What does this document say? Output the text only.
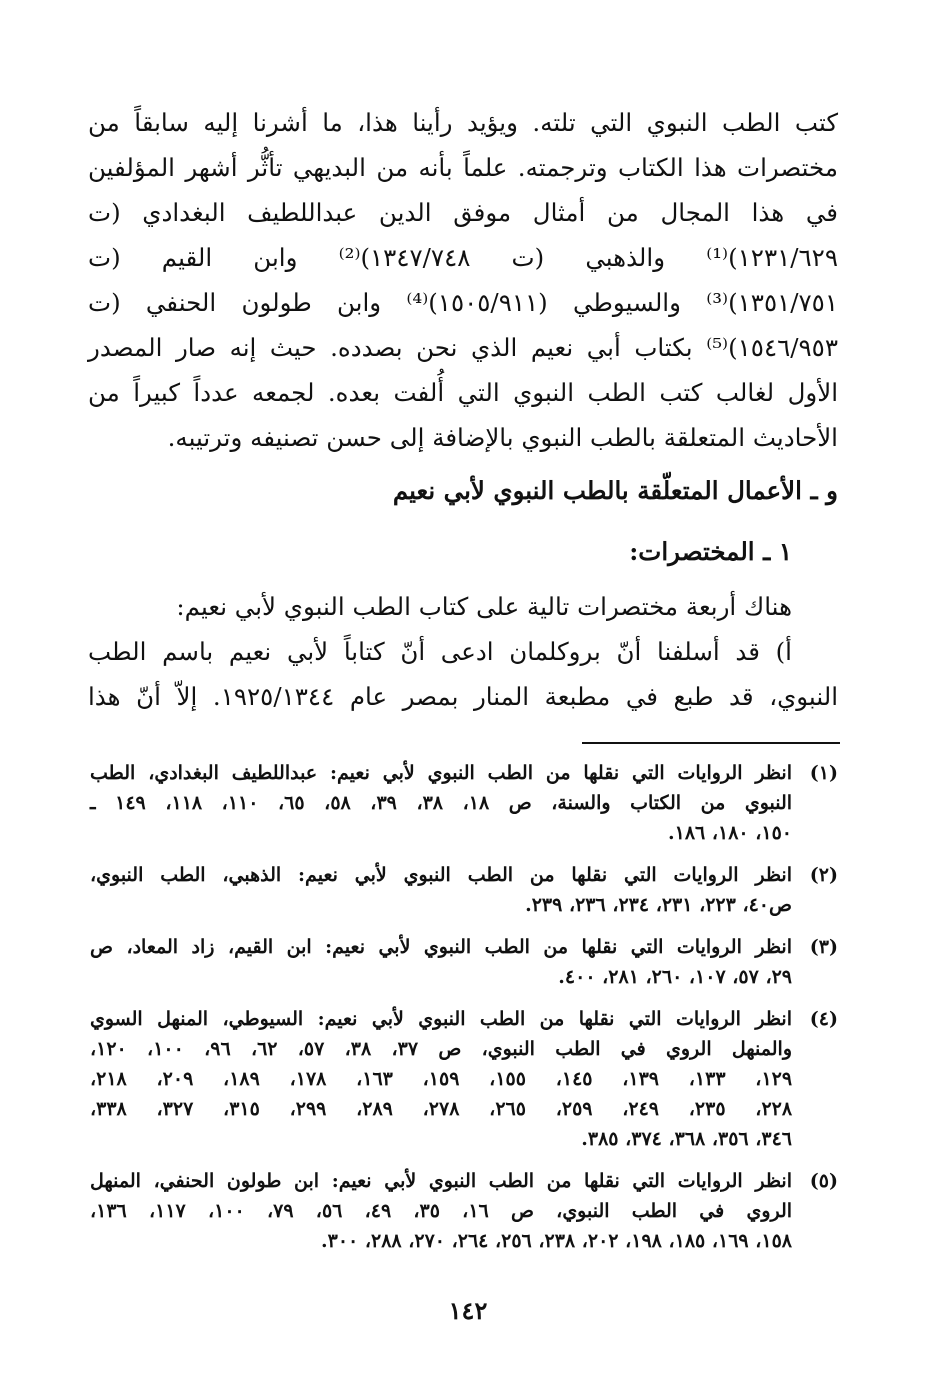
كتب الطب النبوي التي تلته. ويؤيد رأينا هذا، ما أشرنا إليه سابقاً من
مختصرات هذا الكتاب وترجمته. علماً بأنه من البديهي تأثُّر أشهر المؤلفين
في هذا المجال من أمثال موفق الدين عبداللطيف البغدادي (ت
١٢٣١/٦٢٩)⁽¹⁾ والذهبي (ت ١٣٤٧/٧٤٨)⁽²⁾ وابن القيم (ت
١٣٥١/٧٥١)⁽³⁾ والسيوطي (١٥٠٥/٩١١)⁽⁴⁾ وابن طولون الحنفي (ت
١٥٤٦/٩٥٣)⁽⁵⁾ بكتاب أبي نعيم الذي نحن بصدده. حيث إنه صار المصدر
الأول لغالب كتب الطب النبوي التي أُلفت بعده. لجمعه عدداً كبيراً من
الأحاديث المتعلقة بالطب النبوي بالإضافة إلى حسن تصنيفه وترتيبه.
و ـ الأعمال المتعلّقة بالطب النبوي لأبي نعيم
١ ـ المختصرات:
هناك أربعة مختصرات تالية على كتاب الطب النبوي لأبي نعيم:
أ) قد أسلفنا أنّ بروكلمان ادعى أنّ كتاباً لأبي نعيم باسم الطب
النبوي، قد طبع في مطبعة المنار بمصر عام ١٩٢٥/١٣٤٤. إلاّ أنّ هذا
(١)
انظر الروايات التي نقلها من الطب النبوي لأبي نعيم: عبداللطيف البغدادي، الطب
النبوي من الكتاب والسنة، ص ١٨، ٣٨، ٣٩، ٥٨، ٦٥، ١١٠، ١١٨، ١٤٩ ـ
١٥٠، ١٨٠، ١٨٦.
(٢)
انظر الروايات التي نقلها من الطب النبوي لأبي نعيم: الذهبي، الطب النبوي،
ص٤٠، ٢٢٣، ٢٣١، ٢٣٤، ٢٣٦، ٢٣٩.
(٣)
انظر الروايات التي نقلها من الطب النبوي لأبي نعيم: ابن القيم، زاد المعاد، ص
٢٩، ٥٧، ١٠٧، ٢٦٠، ٢٨١، ٤٠٠.
(٤)
انظر الروايات التي نقلها من الطب النبوي لأبي نعيم: السيوطي، المنهل السوي
والمنهل الروي في الطب النبوي، ص ٣٧، ٣٨، ٥٧، ٦٢، ٩٦، ١٠٠، ١٢٠،
١٢٩، ١٣٣، ١٣٩، ١٤٥، ١٥٥، ١٥٩، ١٦٣، ١٧٨، ١٨٩، ٢٠٩، ٢١٨،
٢٢٨، ٢٣٥، ٢٤٩، ٢٥٩، ٢٦٥، ٢٧٨، ٢٨٩، ٢٩٩، ٣١٥، ٣٢٧، ٣٣٨،
٣٤٦، ٣٥٦، ٣٦٨، ٣٧٤، ٣٨٥.
(٥)
انظر الروايات التي نقلها من الطب النبوي لأبي نعيم: ابن طولون الحنفي، المنهل
الروي في الطب النبوي، ص ١٦، ٣٥، ٤٩، ٥٦، ٧٩، ١٠٠، ١١٧، ١٣٦،
١٥٨، ١٦٩، ١٨٥، ١٩٨، ٢٠٢، ٢٣٨، ٢٥٦، ٢٦٤، ٢٧٠، ٢٨٨، ٣٠٠.
١٤٢
